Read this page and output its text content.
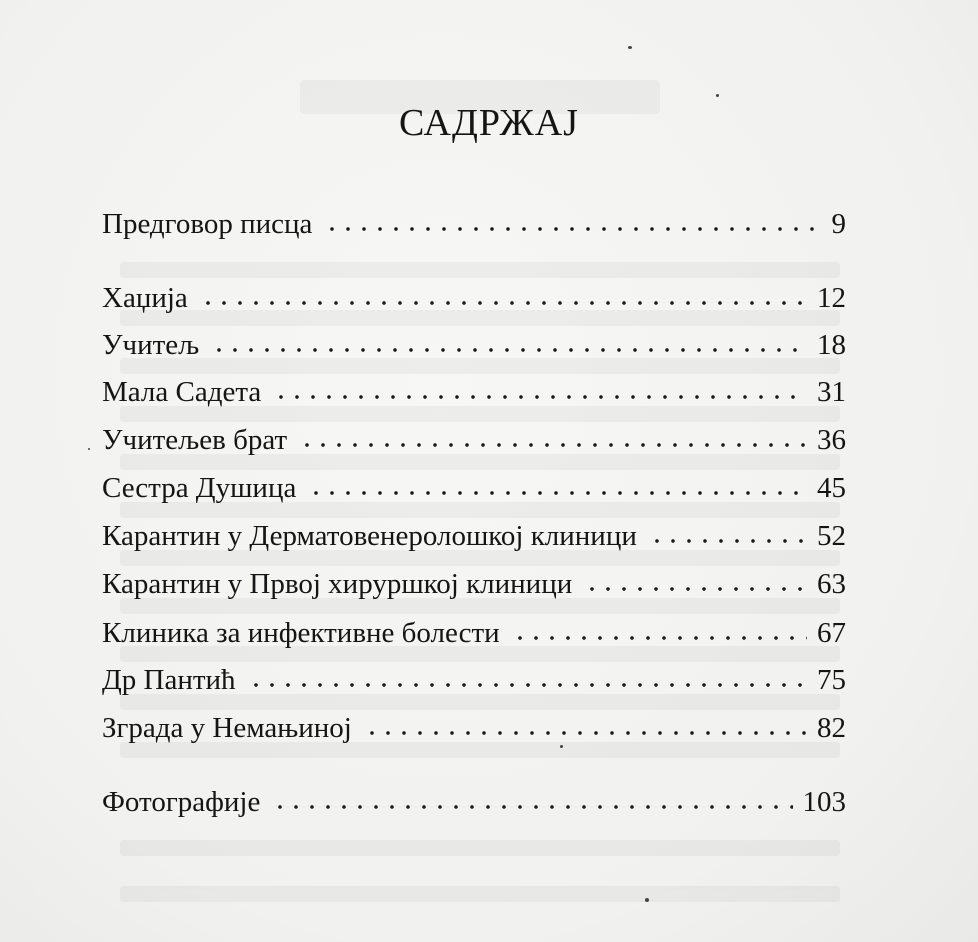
САДРЖАЈ
Предговор писца	9
Хаџија	12
Учитељ	18
Мала Садета	31
Учитељев брат	36
Сестра Душица	45
Карантин у Дерматовенеролошкој клиници	52
Карантин у Првој хируршкој клиници	63
Клиника за инфективне болести	67
Др Пантић	75
Зграда у Немањиној	82
Фотографије	103
